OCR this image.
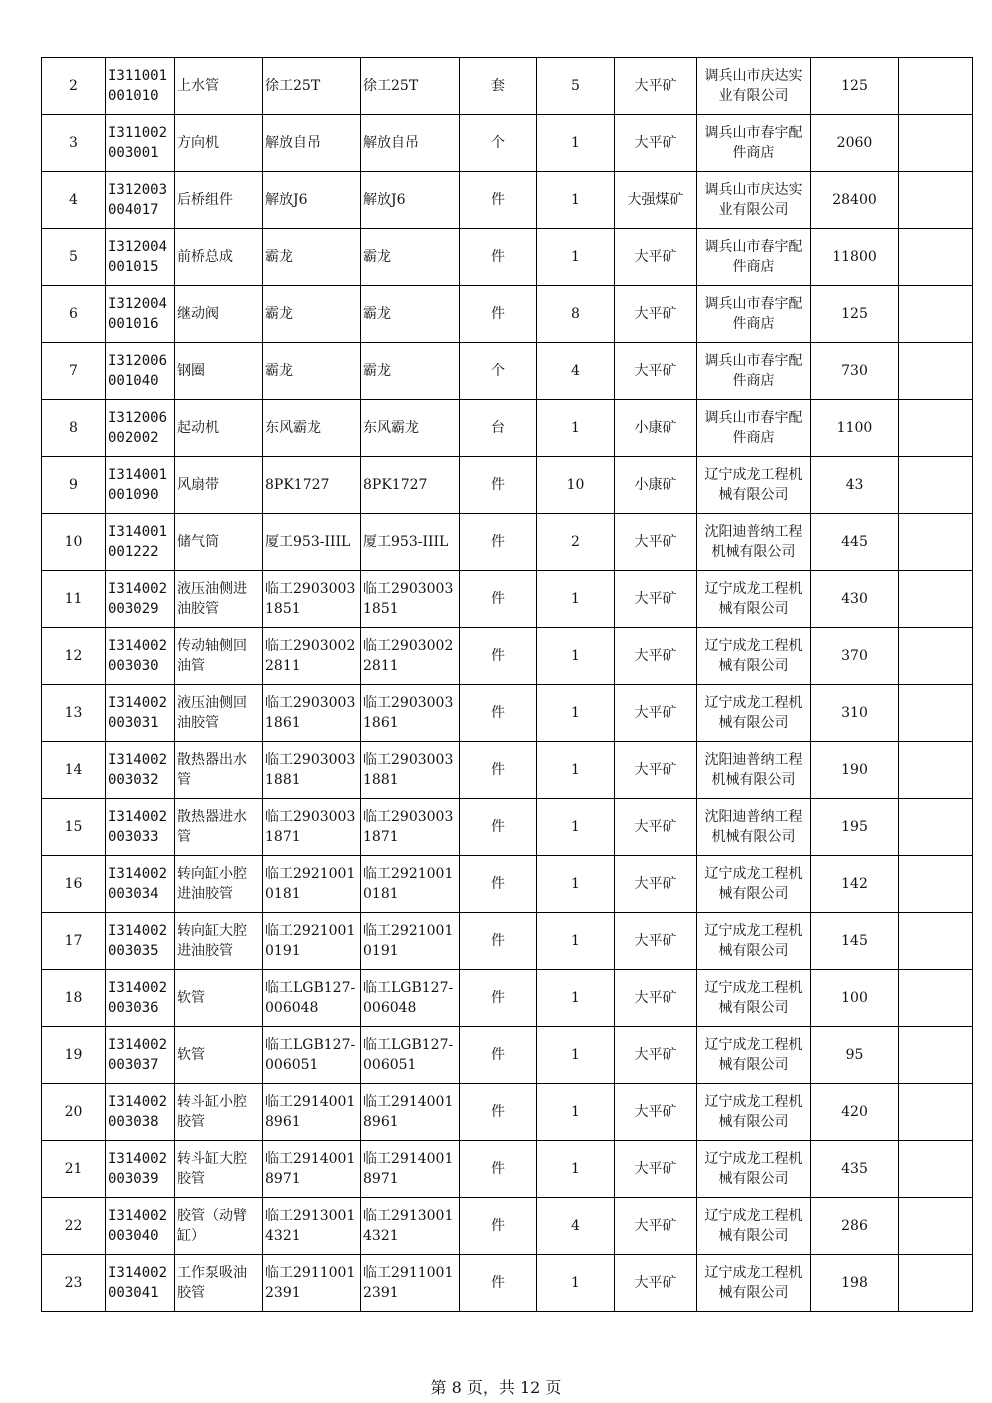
2	I311001001010	上水管	徐工25T	徐工25T	套	5	大平矿	调兵山市庆达实业有限公司	125	
3	I311002003001	方向机	解放自吊	解放自吊	个	1	大平矿	调兵山市春宇配件商店	2060	
4	I312003004017	后桥组件	解放J6	解放J6	件	1	大强煤矿	调兵山市庆达实业有限公司	28400	
5	I312004001015	前桥总成	霸龙	霸龙	件	1	大平矿	调兵山市春宇配件商店	11800	
6	I312004001016	继动阀	霸龙	霸龙	件	8	大平矿	调兵山市春宇配件商店	125	
7	I312006001040	钢圈	霸龙	霸龙	个	4	大平矿	调兵山市春宇配件商店	730	
8	I312006002002	起动机	东风霸龙	东风霸龙	台	1	小康矿	调兵山市春宇配件商店	1100	
9	I314001001090	风扇带	8PK1727	8PK1727	件	10	小康矿	辽宁成龙工程机械有限公司	43	
10	I314001001222	储气筒	厦工953-IIIL	厦工953-IIIL	件	2	大平矿	沈阳迪普纳工程机械有限公司	445	
11	I314002003029	液压油侧进油胶管	临工29030031851	临工29030031851	件	1	大平矿	辽宁成龙工程机械有限公司	430	
12	I314002003030	传动轴侧回油管	临工29030022811	临工29030022811	件	1	大平矿	辽宁成龙工程机械有限公司	370	
13	I314002003031	液压油侧回油胶管	临工29030031861	临工29030031861	件	1	大平矿	辽宁成龙工程机械有限公司	310	
14	I314002003032	散热器出水管	临工29030031881	临工29030031881	件	1	大平矿	沈阳迪普纳工程机械有限公司	190	
15	I314002003033	散热器进水管	临工29030031871	临工29030031871	件	1	大平矿	沈阳迪普纳工程机械有限公司	195	
16	I314002003034	转向缸小腔进油胶管	临工29210010181	临工29210010181	件	1	大平矿	辽宁成龙工程机械有限公司	142	
17	I314002003035	转向缸大腔进油胶管	临工29210010191	临工29210010191	件	1	大平矿	辽宁成龙工程机械有限公司	145	
18	I314002003036	软管	临工LGB127-006048	临工LGB127-006048	件	1	大平矿	辽宁成龙工程机械有限公司	100	
19	I314002003037	软管	临工LGB127-006051	临工LGB127-006051	件	1	大平矿	辽宁成龙工程机械有限公司	95	
20	I314002003038	转斗缸小腔胶管	临工29140018961	临工29140018961	件	1	大平矿	辽宁成龙工程机械有限公司	420	
21	I314002003039	转斗缸大腔胶管	临工29140018971	临工29140018971	件	1	大平矿	辽宁成龙工程机械有限公司	435	
22	I314002003040	胶管（动臂缸）	临工29130014321	临工29130014321	件	4	大平矿	辽宁成龙工程机械有限公司	286	
23	I314002003041	工作泵吸油胶管	临工29110012391	临工29110012391	件	1	大平矿	辽宁成龙工程机械有限公司	198	
第 8 页，共 12 页
